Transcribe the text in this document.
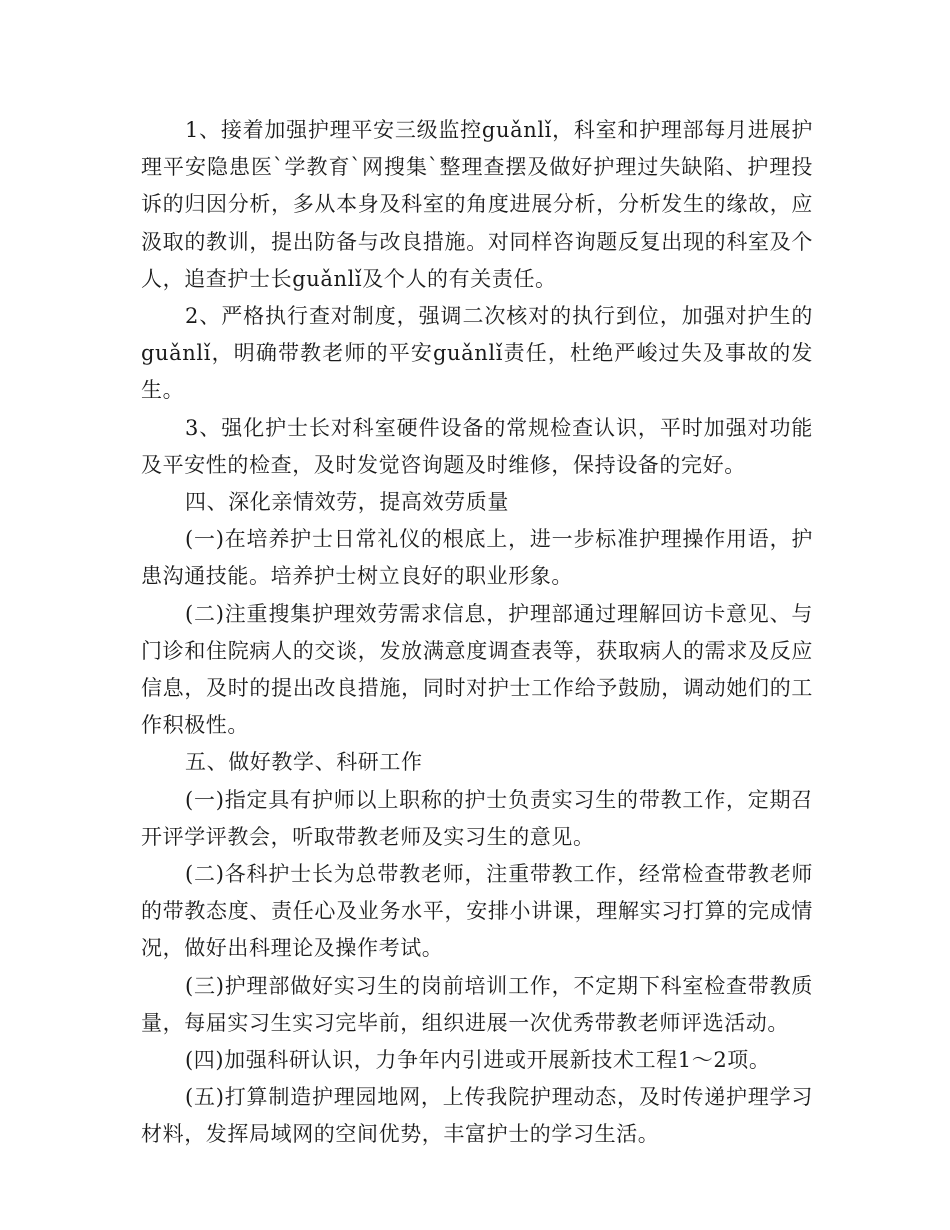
1、接着加强护理平安三级监控guǎnlǐ，科室和护理部每月进展护理平安隐患医`学教育`网搜集`整理查摆及做好护理过失缺陷、护理投诉的归因分析，多从本身及科室的角度进展分析，分析发生的缘故，应汲取的教训，提出防备与改良措施。对同样咨询题反复出现的科室及个人，追查护士长guǎnlǐ及个人的有关责任。

2、严格执行查对制度，强调二次核对的执行到位，加强对护生的guǎnlǐ，明确带教老师的平安guǎnlǐ责任，杜绝严峻过失及事故的发生。

3、强化护士长对科室硬件设备的常规检查认识，平时加强对功能及平安性的检查，及时发觉咨询题及时维修，保持设备的完好。

四、深化亲情效劳，提高效劳质量

(一)在培养护士日常礼仪的根底上，进一步标准护理操作用语，护患沟通技能。培养护士树立良好的职业形象。

(二)注重搜集护理效劳需求信息，护理部通过理解回访卡意见、与门诊和住院病人的交谈，发放满意度调查表等，获取病人的需求及反应信息，及时的提出改良措施，同时对护士工作给予鼓励，调动她们的工作积极性。

五、做好教学、科研工作

(一)指定具有护师以上职称的护士负责实习生的带教工作，定期召开评学评教会，听取带教老师及实习生的意见。

(二)各科护士长为总带教老师，注重带教工作，经常检查带教老师的带教态度、责任心及业务水平，安排小讲课，理解实习打算的完成情况，做好出科理论及操作考试。

(三)护理部做好实习生的岗前培训工作，不定期下科室检查带教质量，每届实习生实习完毕前，组织进展一次优秀带教老师评选活动。

(四)加强科研认识，力争年内引进或开展新技术工程1～2项。

(五)打算制造护理园地网，上传我院护理动态，及时传递护理学习材料，发挥局域网的空间优势，丰富护士的学习生活。
